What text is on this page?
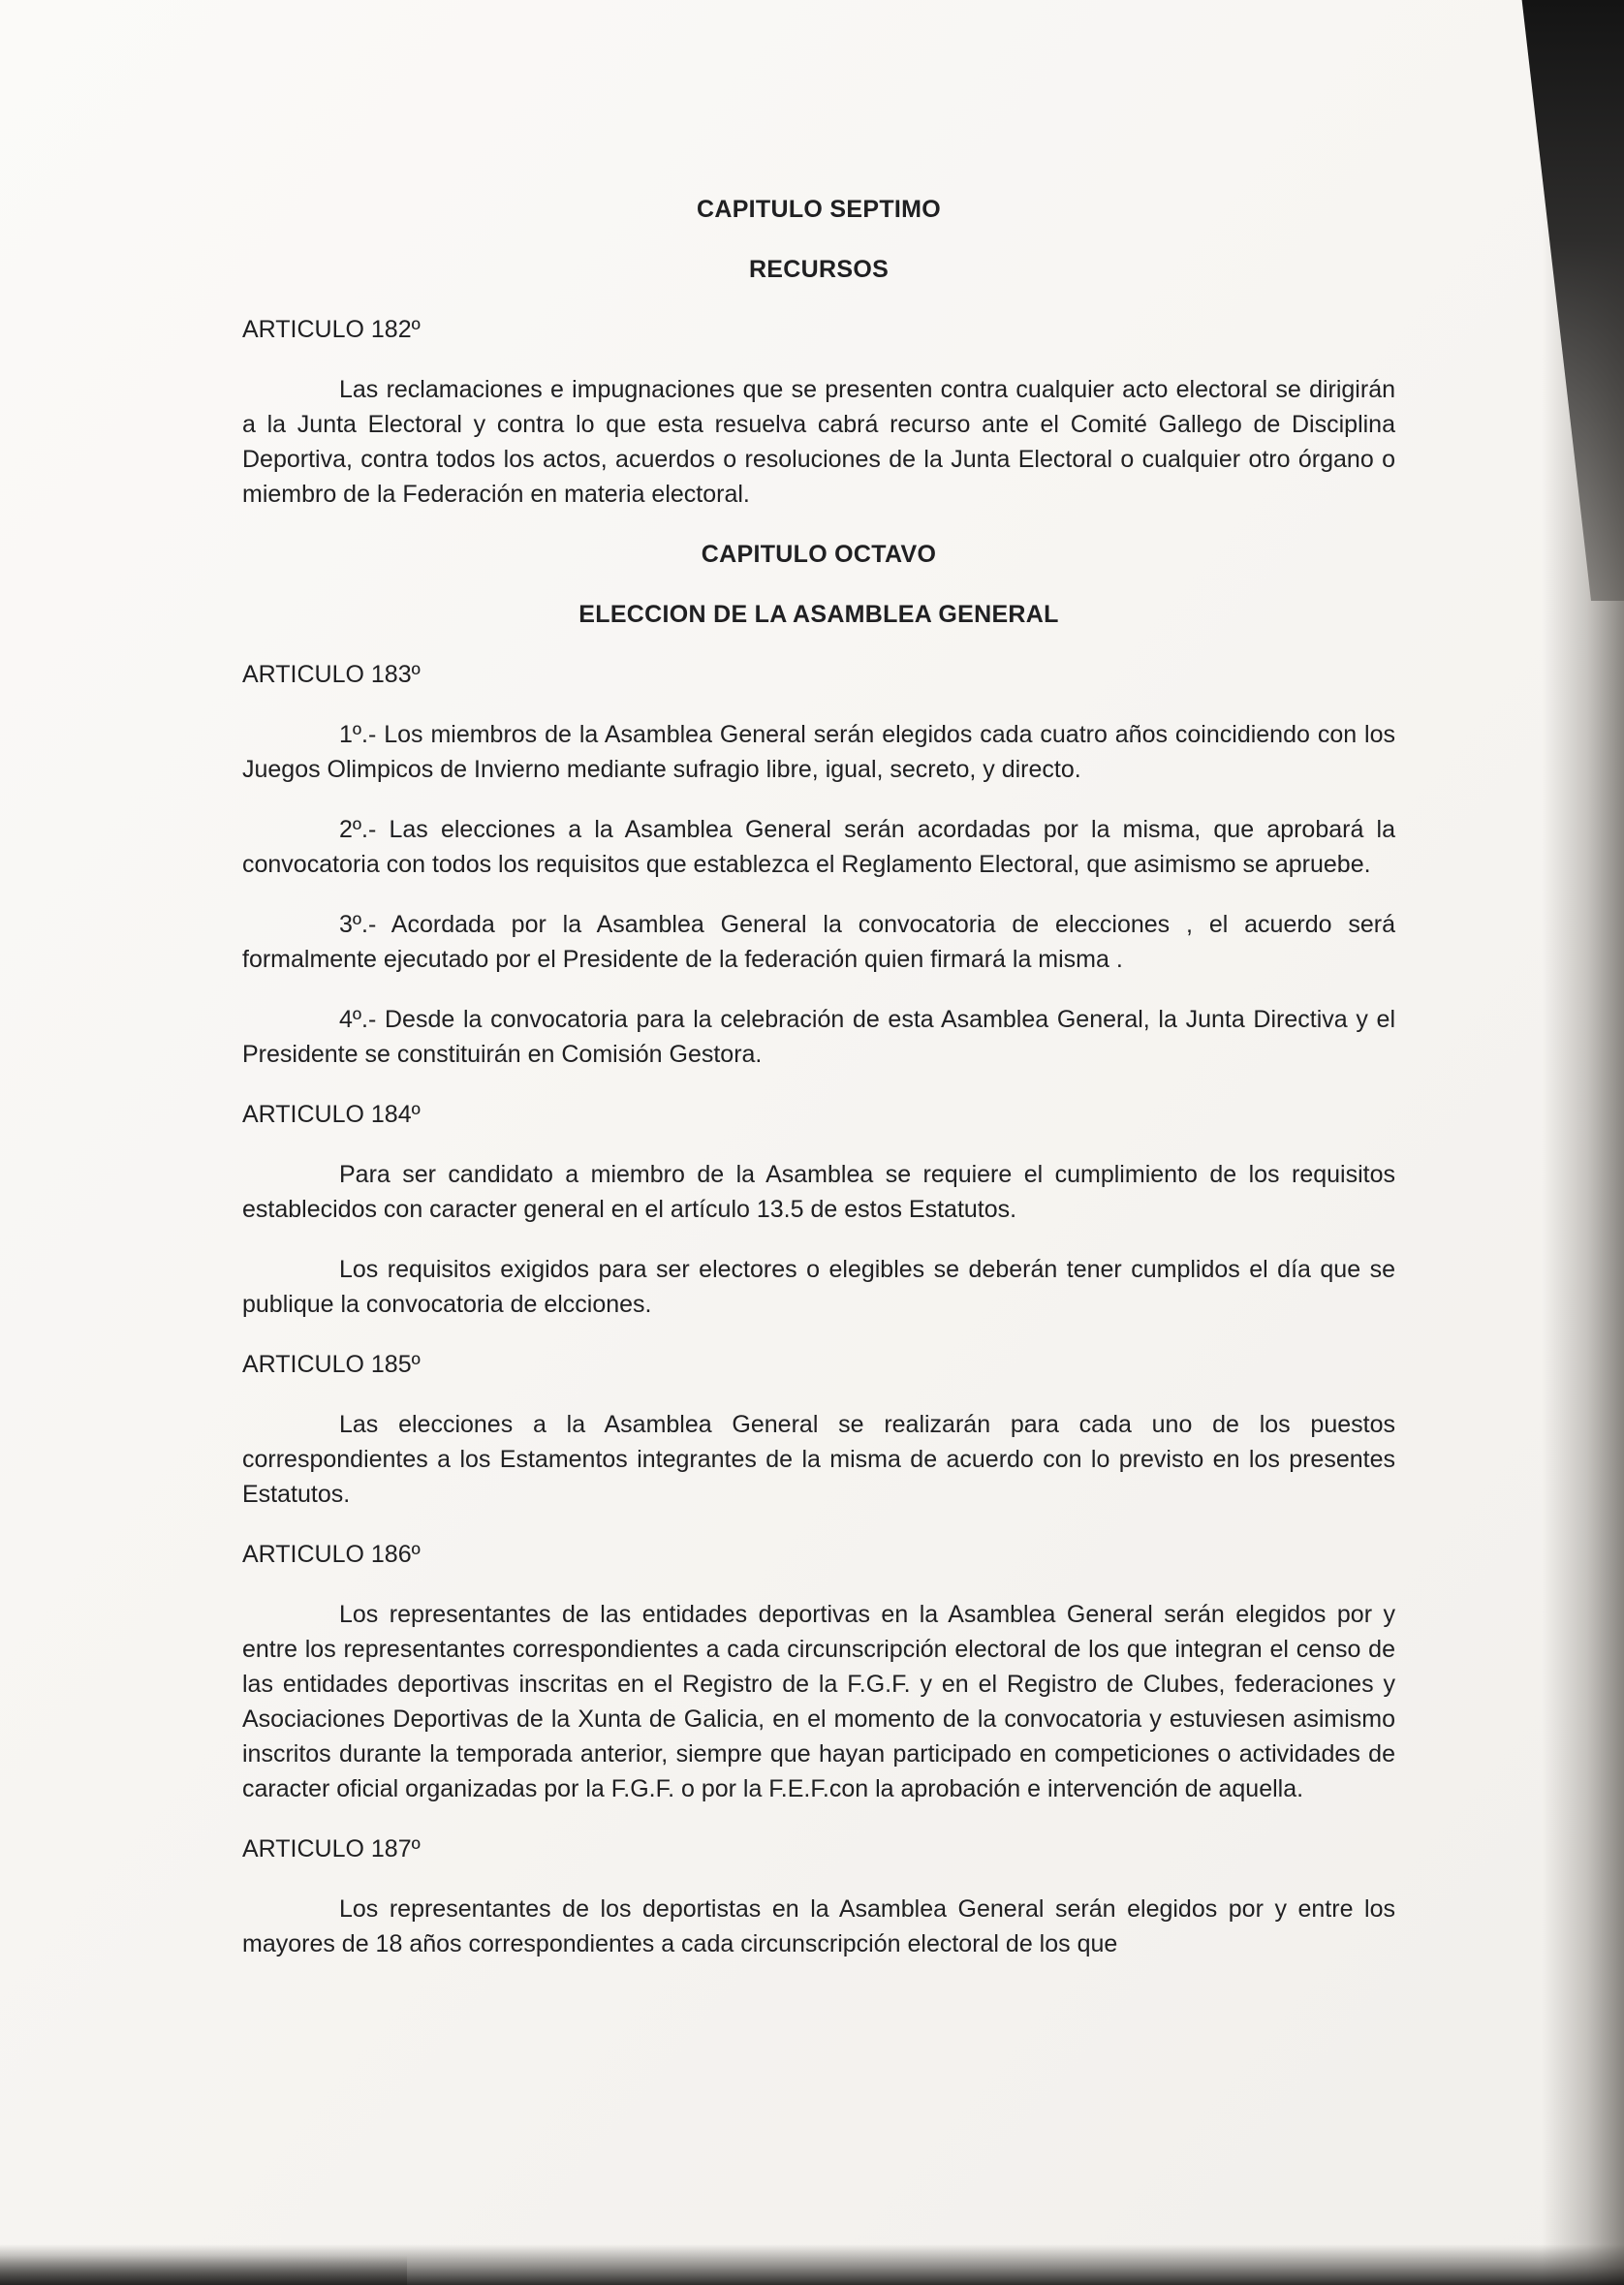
CAPITULO SEPTIMO

RECURSOS

ARTICULO 182º

Las reclamaciones e impugnaciones que se presenten contra cualquier acto electoral se dirigirán a la Junta Electoral y contra lo que esta resuelva cabrá recurso ante el Comité Gallego de Disciplina Deportiva, contra todos los actos, acuerdos o resoluciones de la Junta Electoral o cualquier otro órgano o miembro de la Federación en materia electoral.

CAPITULO OCTAVO

ELECCION DE LA ASAMBLEA GENERAL

ARTICULO 183º

1º.- Los miembros de la Asamblea General serán elegidos cada cuatro años coincidiendo con los Juegos Olimpicos de Invierno mediante sufragio libre, igual, secreto, y directo.

2º.- Las elecciones a la Asamblea General serán acordadas por la misma, que aprobará la convocatoria con todos los requisitos que establezca el Reglamento Electoral, que asimismo se apruebe.

3º.- Acordada por la Asamblea General la convocatoria de elecciones , el acuerdo será formalmente ejecutado por el Presidente de la federación quien firmará la misma .

4º.- Desde la convocatoria para la celebración de esta Asamblea General, la Junta Directiva y el Presidente se constituirán en Comisión Gestora.

ARTICULO 184º

Para ser candidato a miembro de la Asamblea se requiere el cumplimiento de los requisitos establecidos con caracter general en el artículo 13.5 de estos Estatutos.

Los requisitos exigidos para ser electores o elegibles se deberán tener cumplidos el día que se publique la convocatoria de elcciones.

ARTICULO 185º

Las elecciones a la Asamblea General se realizarán para cada uno de los puestos correspondientes a los Estamentos integrantes de la misma de acuerdo con lo previsto en los presentes Estatutos.

ARTICULO 186º

Los representantes de las entidades deportivas en la Asamblea General serán elegidos por y entre los representantes correspondientes a cada circunscripción electoral de los que integran el censo de las entidades deportivas inscritas en el Registro de la F.G.F. y en el Registro de Clubes, federaciones y Asociaciones Deportivas de la Xunta de Galicia, en el momento de la convocatoria y estuviesen asimismo inscritos durante la temporada anterior, siempre que hayan participado en competiciones o actividades de caracter oficial organizadas por la F.G.F. o por la F.E.F.con la aprobación e intervención de aquella.

ARTICULO 187º

Los representantes de los deportistas en la Asamblea General serán elegidos por y entre los mayores de 18 años correspondientes a cada circunscripción electoral de los que
